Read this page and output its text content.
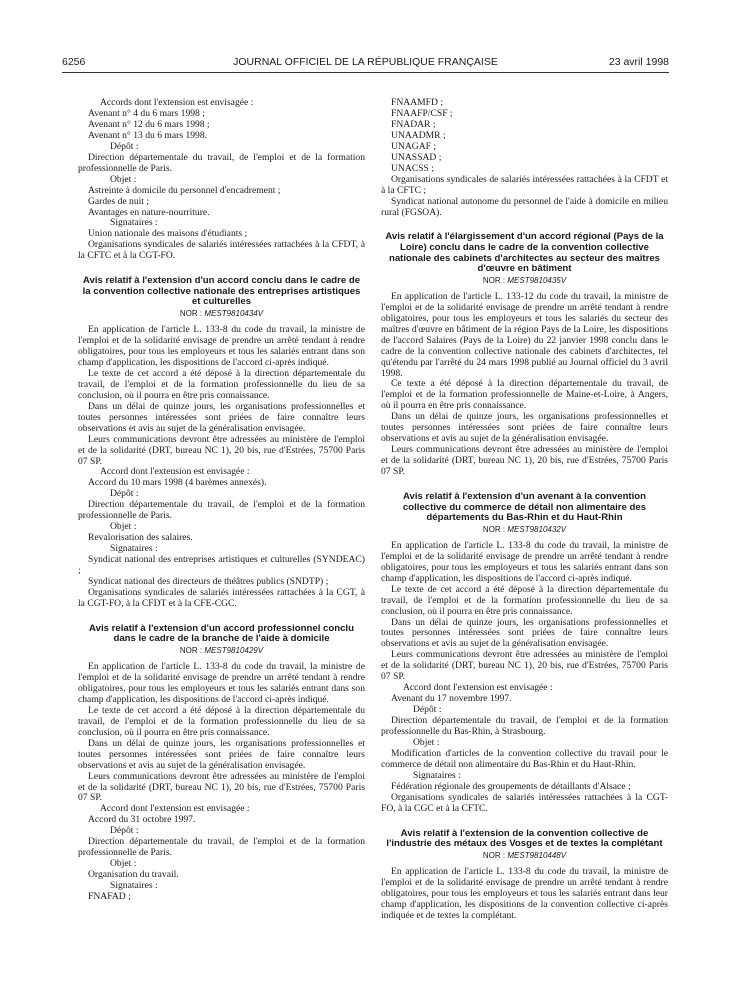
6256	JOURNAL OFFICIEL DE LA RÉPUBLIQUE FRANÇAISE	23 avril 1998

Accords dont l'extension est envisagée :

Avenant n° 4 du 6 mars 1998 ;

Avenant n° 12 du 6 mars 1998 ;

Avenant n° 13 du 6 mars 1998.

Dépôt :

Direction départementale du travail, de l'emploi et de la formation professionnelle de Paris.

Objet :

Astreinte à domicile du personnel d'encadrement ;

Gardes de nuit ;

Avantages en nature-nourriture.

Signataires :

Union nationale des maisons d'étudiants ;

Organisations syndicales de salariés intéressées rattachées à la CFDT, à la CFTC et à la CGT-FO.

Avis relatif à l'extension d'un accord conclu dans le cadre de la convention collective nationale des entreprises artistiques et culturelles

NOR : MEST9810434V

En application de l'article L. 133-8 du code du travail, la ministre de l'emploi et de la solidarité envisage de prendre un arrêté tendant à rendre obligatoires, pour tous les employeurs et tous les salariés entrant dans son champ d'application, les dispositions de l'accord ci-après indiqué.

Le texte de cet accord a été déposé à la direction départementale du travail, de l'emploi et de la formation professionnelle du lieu de sa conclusion, où il pourra en être pris connaissance.

Dans un délai de quinze jours, les organisations professionnelles et toutes personnes intéressées sont priées de faire connaître leurs observations et avis au sujet de la généralisation envisagée.

Leurs communications devront être adressées au ministère de l'emploi et de la solidarité (DRT, bureau NC 1), 20 bis, rue d'Estrées, 75700 Paris 07 SP.

Accord dont l'extension est envisagée :

Accord du 10 mars 1998 (4 barèmes annexés).

Dépôt :

Direction départementale du travail, de l'emploi et de la formation professionnelle de Paris.

Objet :

Revalorisation des salaires.

Signataires :

Syndicat national des entreprises artistiques et culturelles (SYNDEAC) ;

Syndicat national des directeurs de théâtres publics (SNDTP) ;

Organisations syndicales de salariés intéressées rattachées à la CGT, à la CGT-FO, à la CFDT et à la CFE-CGC.

Avis relatif à l'extension d'un accord professionnel conclu dans le cadre de la branche de l'aide à domicile

NOR : MEST9810429V

En application de l'article L. 133-8 du code du travail, la ministre de l'emploi et de la solidarité envisage de prendre un arrêté tendant à rendre obligatoires, pour tous les employeurs et tous les salariés entrant dans son champ d'application, les dispositions de l'accord ci-après indiqué.

Le texte de cet accord a été déposé à la direction départementale du travail, de l'emploi et de la formation professionnelle du lieu de sa conclusion, où il pourra en être pris connaissance.

Dans un délai de quinze jours, les organisations professionnelles et toutes personnes intéressées sont priées de faire connaître leurs observations et avis au sujet de la généralisation envisagée.

Leurs communications devront être adressées au ministère de l'emploi et de la solidarité (DRT, bureau NC 1), 20 bis, rue d'Estrées, 75700 Paris 07 SP.

Accord dont l'extension est envisagée :

Accord du 31 octobre 1997.

Dépôt :

Direction départementale du travail, de l'emploi et de la formation professionnelle de Paris.

Objet :

Organisation du travail.

Signataires :

FNAFAD ;

FNAAMFD ;

FNAAFP/CSF ;

FNADAR ;

UNAADMR ;

UNAGAF ;

UNASSAD ;

UNACSS ;

Organisations syndicales de salariés intéressées rattachées à la CFDT et à la CFTC ;

Syndicat national autonome du personnel de l'aide à domicile en milieu rural (FGSOA).

Avis relatif à l'élargissement d'un accord régional (Pays de la Loire) conclu dans le cadre de la convention collective nationale des cabinets d'architectes au secteur des maîtres d'œuvre en bâtiment

NOR : MEST9810435V

En application de l'article L. 133-12 du code du travail, la ministre de l'emploi et de la solidarité envisage de prendre un arrêté tendant à rendre obligatoires, pour tous les employeurs et tous les salariés du secteur des maîtres d'œuvre en bâtiment de la région Pays de la Loire, les dispositions de l'accord Salaires (Pays de la Loire) du 22 janvier 1998 conclu dans le cadre de la convention collective nationale des cabinets d'architectes, tel qu'étendu par l'arrêté du 24 mars 1998 publié au Journal officiel du 3 avril 1998.

Ce texte a été déposé à la direction départementale du travail, de l'emploi et de la formation professionnelle de Maine-et-Loire, à Angers, où il pourra en être pris connaissance.

Dans un délai de quinze jours, les organisations professionnelles et toutes personnes intéressées sont priées de faire connaître leurs observations et avis au sujet de la généralisation envisagée.

Leurs communications devront être adressées au ministère de l'emploi et de la solidarité (DRT, bureau NC 1), 20 bis, rue d'Estrées, 75700 Paris 07 SP.

Avis relatif à l'extension d'un avenant à la convention collective du commerce de détail non alimentaire des départements du Bas-Rhin et du Haut-Rhin

NOR : MEST9810432V

En application de l'article L. 133-8 du code du travail, la ministre de l'emploi et de la solidarité envisage de prendre un arrêté tendant à rendre obligatoires, pour tous les employeurs et tous les salariés entrant dans son champ d'application, les dispositions de l'accord ci-après indiqué.

Le texte de cet accord a été déposé à la direction départementale du travail, de l'emploi et de la formation professionnelle du lieu de sa conclusion, où il pourra en être pris connaissance.

Dans un délai de quinze jours, les organisations professionnelles et toutes personnes intéressées sont priées de faire connaître leurs observations et avis au sujet de la généralisation envisagée.

Leurs communications devront être adressées au ministère de l'emploi et de la solidarité (DRT, bureau NC 1), 20 bis, rue d'Estrées, 75700 Paris 07 SP.

Accord dont l'extension est envisagée :

Avenant du 17 novembre 1997.

Dépôt :

Direction départementale du travail, de l'emploi et de la formation professionnelle du Bas-Rhin, à Strasbourg.

Objet :

Modification d'articles de la convention collective du travail pour le commerce de détail non alimentaire du Bas-Rhin et du Haut-Rhin.

Signataires :

Fédération régionale des groupements de détaillants d'Alsace ;

Organisations syndicales de salariés intéressées rattachées à la CGT-FO, à la CGC et à la CFTC.

Avis relatif à l'extension de la convention collective de l'industrie des métaux des Vosges et de textes la complétant

NOR : MEST9810448V

En application de l'article L. 133-8 du code du travail, la ministre de l'emploi et de la solidarité envisage de prendre un arrêté tendant à rendre obligatoires, pour tous les employeurs et tous les salariés entrant dans leur champ d'application, les dispositions de la convention collective ci-après indiquée et de textes la complétant.
